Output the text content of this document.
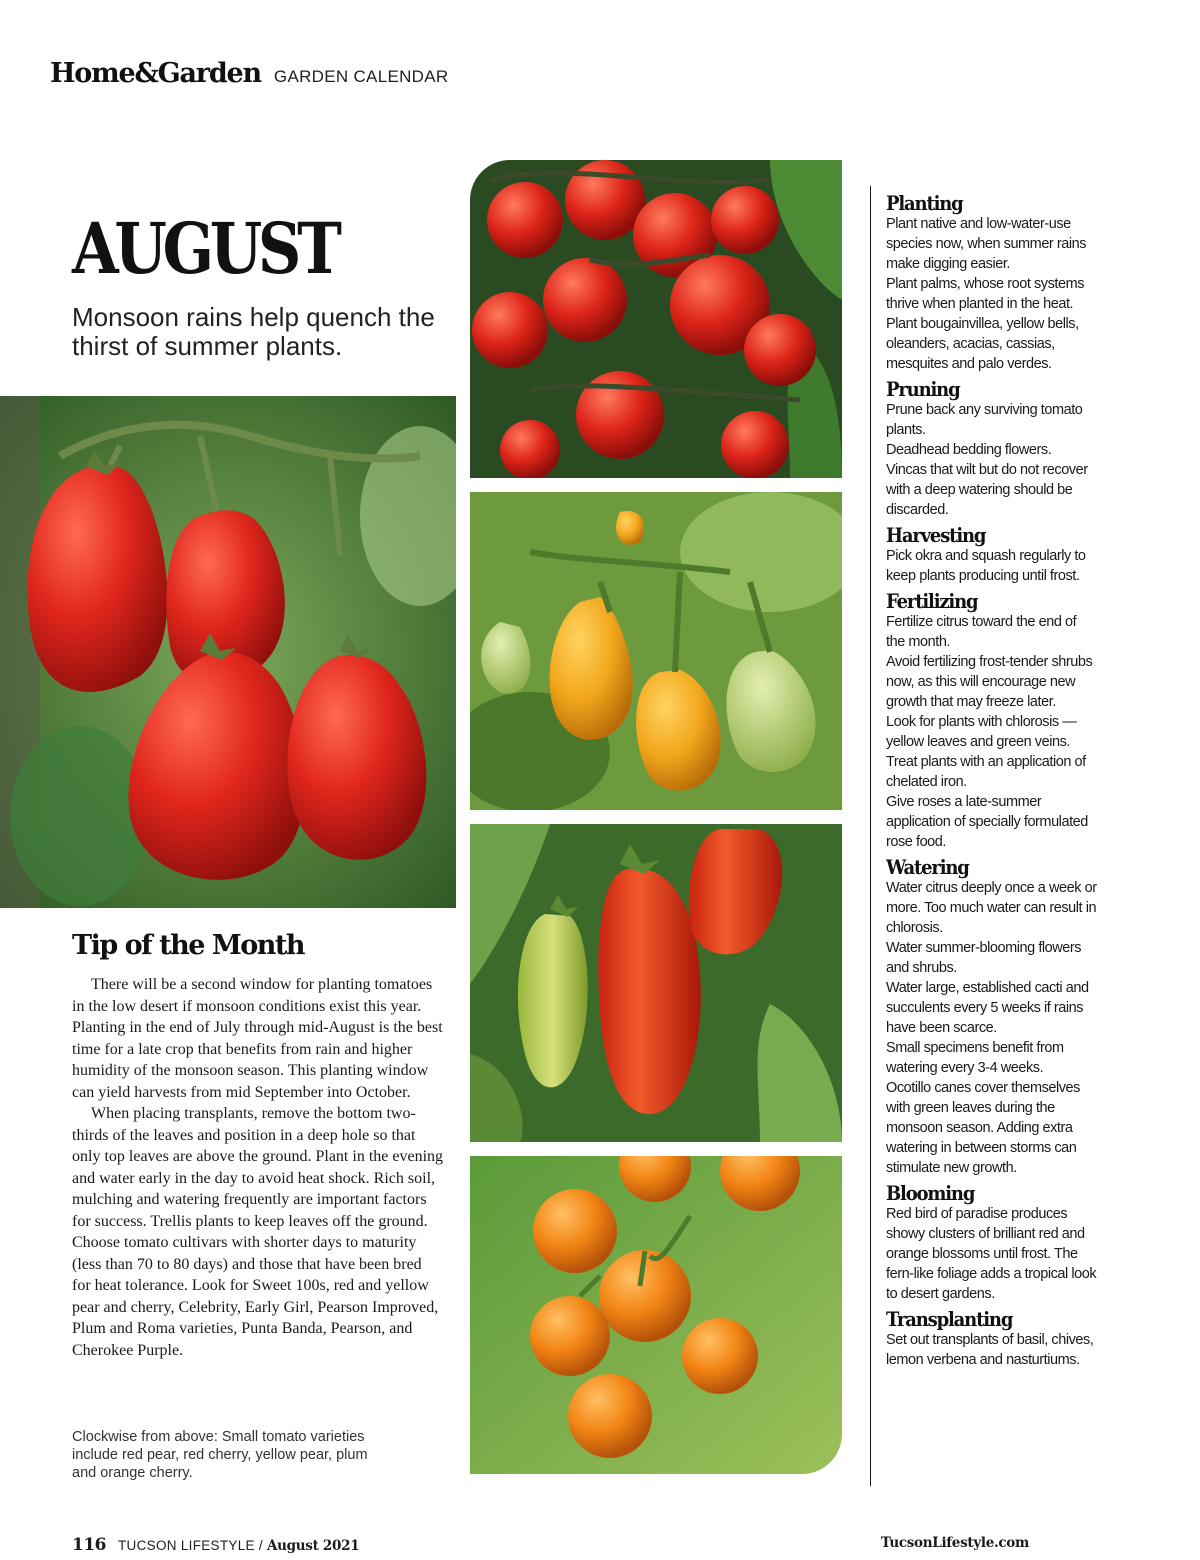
Home&Garden GARDEN CALENDAR
AUGUST

Monsoon rains help quench the thirst of summer plants.

Tip of the Month

There will be a second window for planting tomatoes in the low desert if monsoon conditions exist this year. Planting in the end of July through mid-August is the best time for a late crop that benefits from rain and higher humidity of the monsoon season. This planting window can yield harvests from mid September into October.

When placing transplants, remove the bottom two-thirds of the leaves and position in a deep hole so that only top leaves are above the ground. Plant in the evening and water early in the day to avoid heat shock. Rich soil, mulching and watering frequently are important factors for success. Trellis plants to keep leaves off the ground. Choose tomato cultivars with shorter days to maturity (less than 70 to 80 days) and those that have been bred for heat tolerance. Look for Sweet 100s, red and yellow pear and cherry, Celebrity, Early Girl, Pearson Improved, Plum and Roma varieties, Punta Banda, Pearson, and Cherokee Purple.

Clockwise from above: Small tomato varieties include red pear, red cherry, yellow pear, plum and orange cherry.

Planting

Plant native and low-water-use species now, when summer rains make digging easier.

Plant palms, whose root systems thrive when planted in the heat.

Plant bougainvillea, yellow bells, oleanders, acacias, cassias, mesquites and palo verdes.

Pruning

Prune back any surviving tomato plants.

Deadhead bedding flowers.

Vincas that wilt but do not recover with a deep watering should be discarded.

Harvesting

Pick okra and squash regularly to keep plants producing until frost.

Fertilizing

Fertilize citrus toward the end of the month.

Avoid fertilizing frost-tender shrubs now, as this will encourage new growth that may freeze later.

Look for plants with chlorosis — yellow leaves and green veins. Treat plants with an application of chelated iron.

Give roses a late-summer application of specially formulated rose food.

Watering

Water citrus deeply once a week or more. Too much water can result in chlorosis.

Water summer-blooming flowers and shrubs.

Water large, established cacti and succulents every 5 weeks if rains have been scarce.

Small specimens benefit from watering every 3-4 weeks.

Ocotillo canes cover themselves with green leaves during the monsoon season. Adding extra watering in between storms can stimulate new growth.

Blooming

Red bird of paradise produces showy clusters of brilliant red and orange blossoms until frost. The fern-like foliage adds a tropical look to desert gardens.

Transplanting

Set out transplants of basil, chives, lemon verbena and nasturtiums.

116 TUCSON LIFESTYLE / August 2021	TucsonLifestyle.com
